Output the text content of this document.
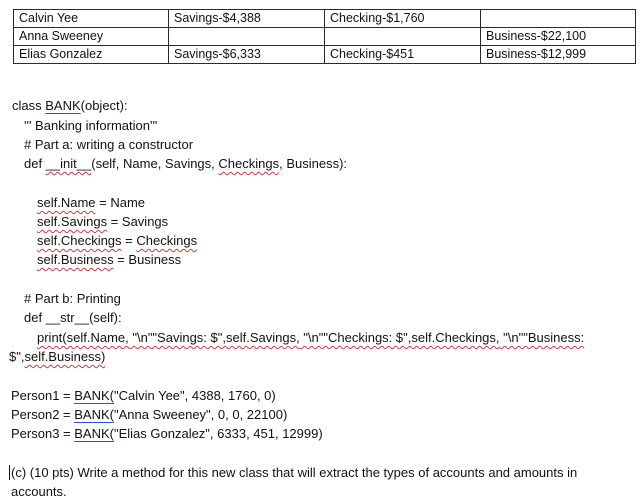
Calvin Yee	Savings-$4,388	Checking-$1,760	
Anna Sweeney			Business-$22,100
Elias Gonzalez	Savings-$6,333	Checking-$451	Business-$12,999
class BANK(object):
''' Banking information'''
# Part a: writing a constructor
def __init__(self, Name, Savings, Checkings, Business):
self.Name = Name
self.Savings = Savings
self.Checkings = Checkings
self.Business = Business
# Part b: Printing
def __str__(self):
print(self.Name, "\n""Savings: $",self.Savings, "\n""Checkings: $",self.Checkings, "\n""Business:
$",self.Business)
Person1 = BANK("Calvin Yee", 4388, 1760, 0)
Person2 = BANK("Anna Sweeney", 0, 0, 22100)
Person3 = BANK("Elias Gonzalez", 6333, 451, 12999)
(c) (10 pts) Write a method for this new class that will extract the types of accounts and amounts in
accounts.
